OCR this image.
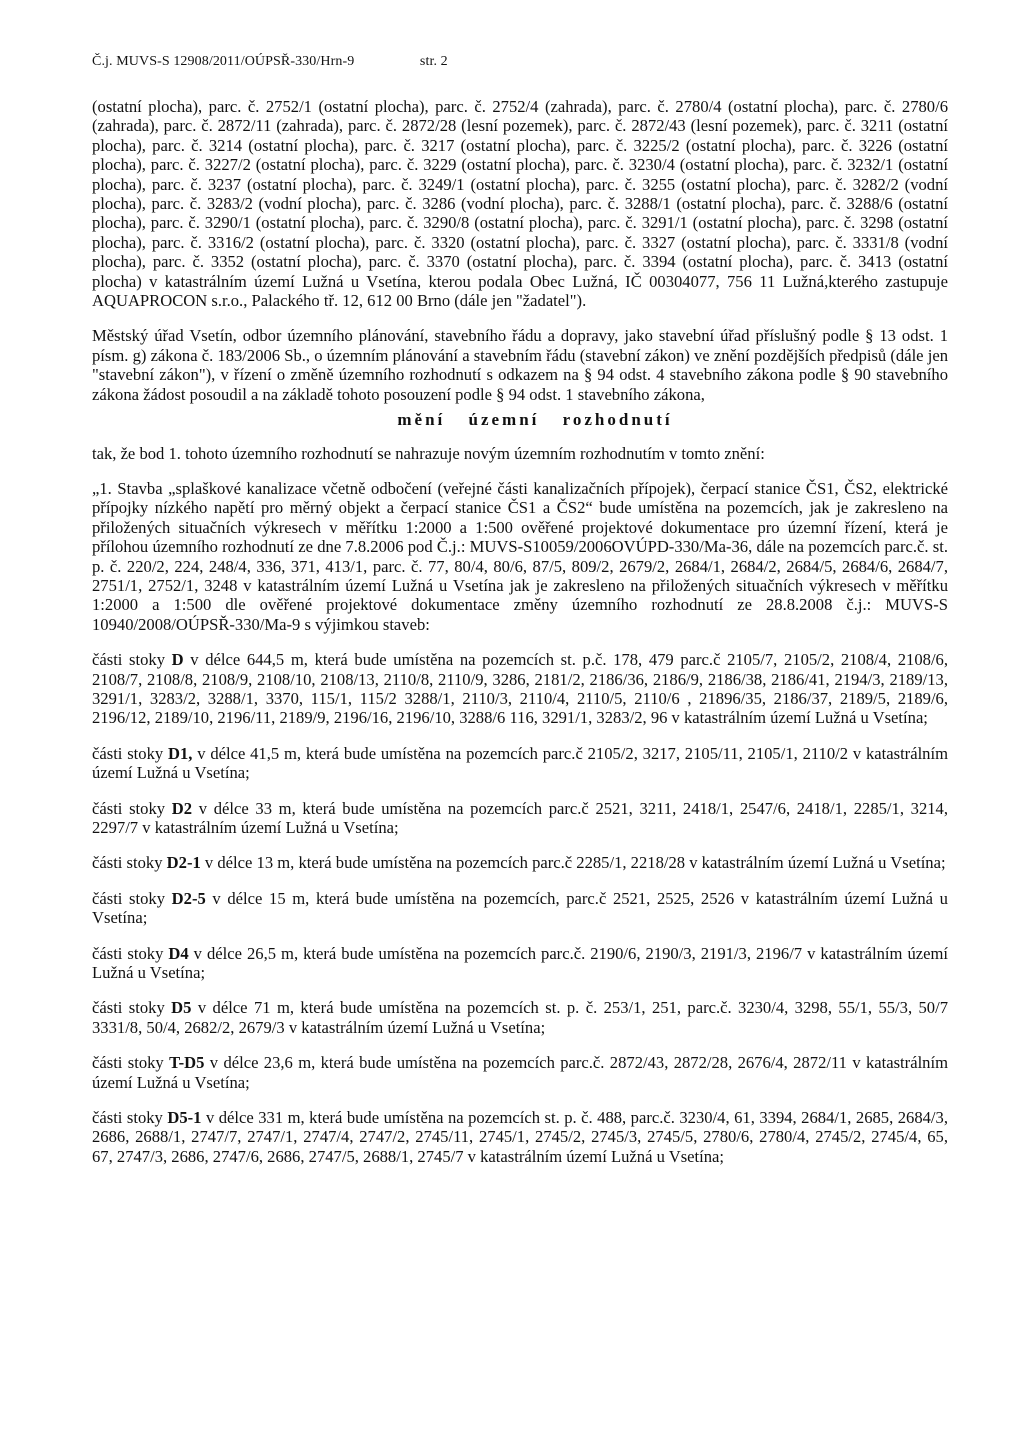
Č.j. MUVS-S 12908/2011/OÚPSŘ-330/Hrn-9	str. 2

(ostatní plocha), parc. č. 2752/1 (ostatní plocha), parc. č. 2752/4 (zahrada), parc. č. 2780/4 (ostatní plocha), parc. č. 2780/6 (zahrada), parc. č. 2872/11 (zahrada), parc. č. 2872/28 (lesní pozemek), parc. č. 2872/43 (lesní pozemek), parc. č. 3211 (ostatní plocha), parc. č. 3214 (ostatní plocha), parc. č. 3217 (ostatní plocha), parc. č. 3225/2 (ostatní plocha), parc. č. 3226 (ostatní plocha), parc. č. 3227/2 (ostatní plocha), parc. č. 3229 (ostatní plocha), parc. č. 3230/4 (ostatní plocha), parc. č. 3232/1 (ostatní plocha), parc. č. 3237 (ostatní plocha), parc. č. 3249/1 (ostatní plocha), parc. č. 3255 (ostatní plocha), parc. č. 3282/2 (vodní plocha), parc. č. 3283/2 (vodní plocha), parc. č. 3286 (vodní plocha), parc. č. 3288/1 (ostatní plocha), parc. č. 3288/6 (ostatní plocha), parc. č. 3290/1 (ostatní plocha), parc. č. 3290/8 (ostatní plocha), parc. č. 3291/1 (ostatní plocha), parc. č. 3298 (ostatní plocha), parc. č. 3316/2 (ostatní plocha), parc. č. 3320 (ostatní plocha), parc. č. 3327 (ostatní plocha), parc. č. 3331/8 (vodní plocha), parc. č. 3352 (ostatní plocha), parc. č. 3370 (ostatní plocha), parc. č. 3394 (ostatní plocha), parc. č. 3413 (ostatní plocha) v katastrálním území Lužná u Vsetína, kterou podala Obec Lužná, IČ 00304077, 756 11 Lužná,kterého zastupuje AQUAPROCON s.r.o., Palackého tř. 12, 612 00 Brno (dále jen "žadatel").

Městský úřad Vsetín, odbor územního plánování, stavebního řádu a dopravy, jako stavební úřad příslušný podle § 13 odst. 1 písm. g) zákona č. 183/2006 Sb., o územním plánování a stavebním řádu (stavební zákon) ve znění pozdějších předpisů (dále jen "stavební zákon"), v řízení o změně územního rozhodnutí s odkazem na § 94 odst. 4 stavebního zákona podle § 90 stavebního zákona žádost posoudil a na základě tohoto posouzení podle § 94 odst. 1 stavebního zákona,

mění územní rozhodnutí

tak, že bod 1. tohoto územního rozhodnutí se nahrazuje novým územním rozhodnutím v tomto znění:

„1. Stavba „splaškové kanalizace včetně odbočení (veřejné části kanalizačních přípojek), čerpací stanice ČS1, ČS2, elektrické přípojky nízkého napětí pro měrný objekt a čerpací stanice ČS1 a ČS2“ bude umístěna na pozemcích, jak je zakresleno na přiložených situačních výkresech v měřítku 1:2000 a 1:500 ověřené projektové dokumentace pro územní řízení, která je přílohou územního rozhodnutí ze dne 7.8.2006 pod Č.j.: MUVS-S10059/2006OVÚPD-330/Ma-36, dále na pozemcích parc.č. st. p. č. 220/2, 224, 248/4, 336, 371, 413/1, parc. č. 77, 80/4, 80/6, 87/5, 809/2, 2679/2, 2684/1, 2684/2, 2684/5, 2684/6, 2684/7, 2751/1, 2752/1, 3248 v katastrálním území Lužná u Vsetína jak je zakresleno na přiložených situačních výkresech v měřítku 1:2000 a 1:500 dle ověřené projektové dokumentace změny územního rozhodnutí ze 28.8.2008 č.j.: MUVS-S 10940/2008/OÚPSŘ-330/Ma-9 s výjimkou staveb:

části stoky D v délce 644,5 m, která bude umístěna na pozemcích st. p.č. 178, 479 parc.č 2105/7, 2105/2, 2108/4, 2108/6, 2108/7, 2108/8, 2108/9, 2108/10, 2108/13, 2110/8, 2110/9, 3286, 2181/2, 2186/36, 2186/9, 2186/38, 2186/41, 2194/3, 2189/13, 3291/1, 3283/2, 3288/1, 3370, 115/1, 115/2 3288/1, 2110/3, 2110/4, 2110/5, 2110/6 , 21896/35, 2186/37, 2189/5, 2189/6, 2196/12, 2189/10, 2196/11, 2189/9, 2196/16, 2196/10, 3288/6 116, 3291/1, 3283/2, 96 v katastrálním území Lužná u Vsetína;

části stoky D1, v délce 41,5 m, která bude umístěna na pozemcích parc.č 2105/2, 3217, 2105/11, 2105/1, 2110/2 v katastrálním území Lužná u Vsetína;

části stoky D2 v délce 33 m, která bude umístěna na pozemcích parc.č 2521, 3211, 2418/1, 2547/6, 2418/1, 2285/1, 3214, 2297/7 v katastrálním území Lužná u Vsetína;

části stoky D2-1 v délce 13 m, která bude umístěna na pozemcích parc.č 2285/1, 2218/28 v katastrálním území Lužná u Vsetína;

části stoky D2-5 v délce 15 m, která bude umístěna na pozemcích, parc.č 2521, 2525, 2526 v katastrálním území Lužná u Vsetína;

části stoky D4 v délce 26,5 m, která bude umístěna na pozemcích parc.č. 2190/6, 2190/3, 2191/3, 2196/7 v katastrálním území Lužná u Vsetína;

části stoky D5 v délce 71 m, která bude umístěna na pozemcích st. p. č. 253/1, 251, parc.č. 3230/4, 3298, 55/1, 55/3, 50/7 3331/8, 50/4, 2682/2, 2679/3 v katastrálním území Lužná u Vsetína;

části stoky T-D5 v délce 23,6 m, která bude umístěna na pozemcích parc.č. 2872/43, 2872/28, 2676/4, 2872/11 v katastrálním území Lužná u Vsetína;

části stoky D5-1 v délce 331 m, která bude umístěna na pozemcích st. p. č. 488, parc.č. 3230/4, 61, 3394, 2684/1, 2685, 2684/3, 2686, 2688/1, 2747/7, 2747/1, 2747/4, 2747/2, 2745/11, 2745/1, 2745/2, 2745/3, 2745/5, 2780/6, 2780/4, 2745/2, 2745/4, 65, 67, 2747/3, 2686, 2747/6, 2686, 2747/5, 2688/1, 2745/7 v katastrálním území Lužná u Vsetína;
